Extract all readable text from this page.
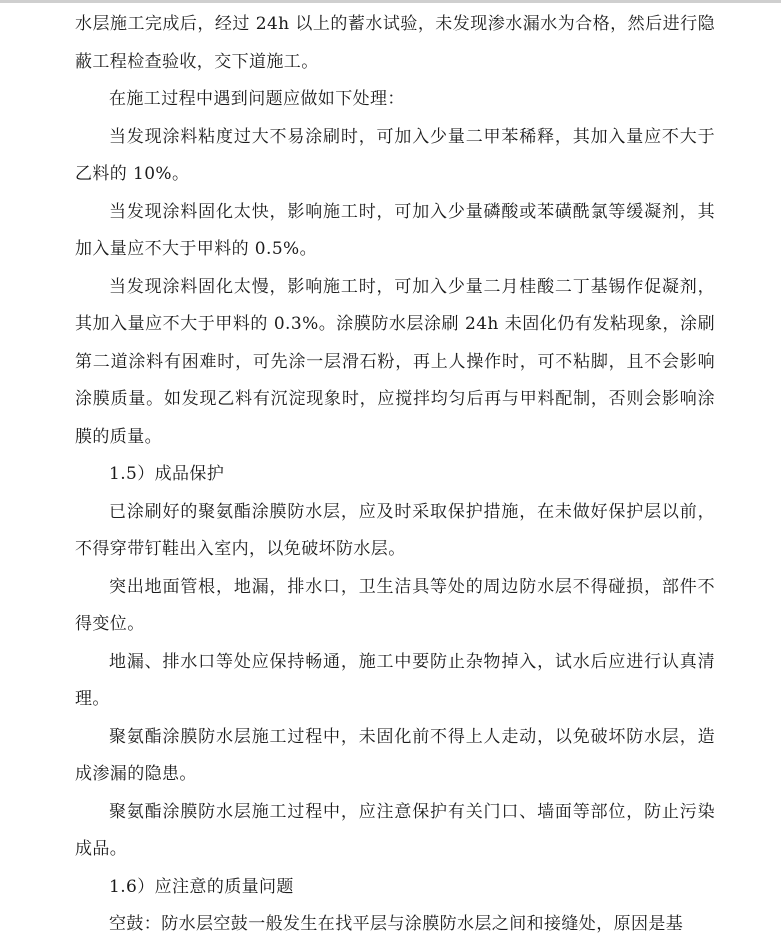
水层施工完成后，经过 24h 以上的蓄水试验，未发现渗水漏水为合格，然后进行隐蔽工程检查验收，交下道施工。

在施工过程中遇到问题应做如下处理：

当发现涂料粘度过大不易涂刷时，可加入少量二甲苯稀释，其加入量应不大于乙料的 10%。

当发现涂料固化太快，影响施工时，可加入少量磷酸或苯磺酰氯等缓凝剂，其加入量应不大于甲料的 0.5%。

当发现涂料固化太慢，影响施工时，可加入少量二月桂酸二丁基锡作促凝剂，其加入量应不大于甲料的 0.3%。涂膜防水层涂刷 24h 未固化仍有发粘现象，涂刷第二道涂料有困难时，可先涂一层滑石粉，再上人操作时，可不粘脚，且不会影响涂膜质量。如发现乙料有沉淀现象时，应搅拌均匀后再与甲料配制，否则会影响涂膜的质量。

1.5）成品保护

已涂刷好的聚氨酯涂膜防水层，应及时采取保护措施，在未做好保护层以前，不得穿带钉鞋出入室内，以免破坏防水层。

突出地面管根，地漏，排水口，卫生洁具等处的周边防水层不得碰损，部件不得变位。

地漏、排水口等处应保持畅通，施工中要防止杂物掉入，试水后应进行认真清理。

聚氨酯涂膜防水层施工过程中，未固化前不得上人走动，以免破坏防水层，造成渗漏的隐患。

聚氨酯涂膜防水层施工过程中，应注意保护有关门口、墙面等部位，防止污染成品。

1.6）应注意的质量问题

空鼓：防水层空鼓一般发生在找平层与涂膜防水层之间和接缝处，原因是基
